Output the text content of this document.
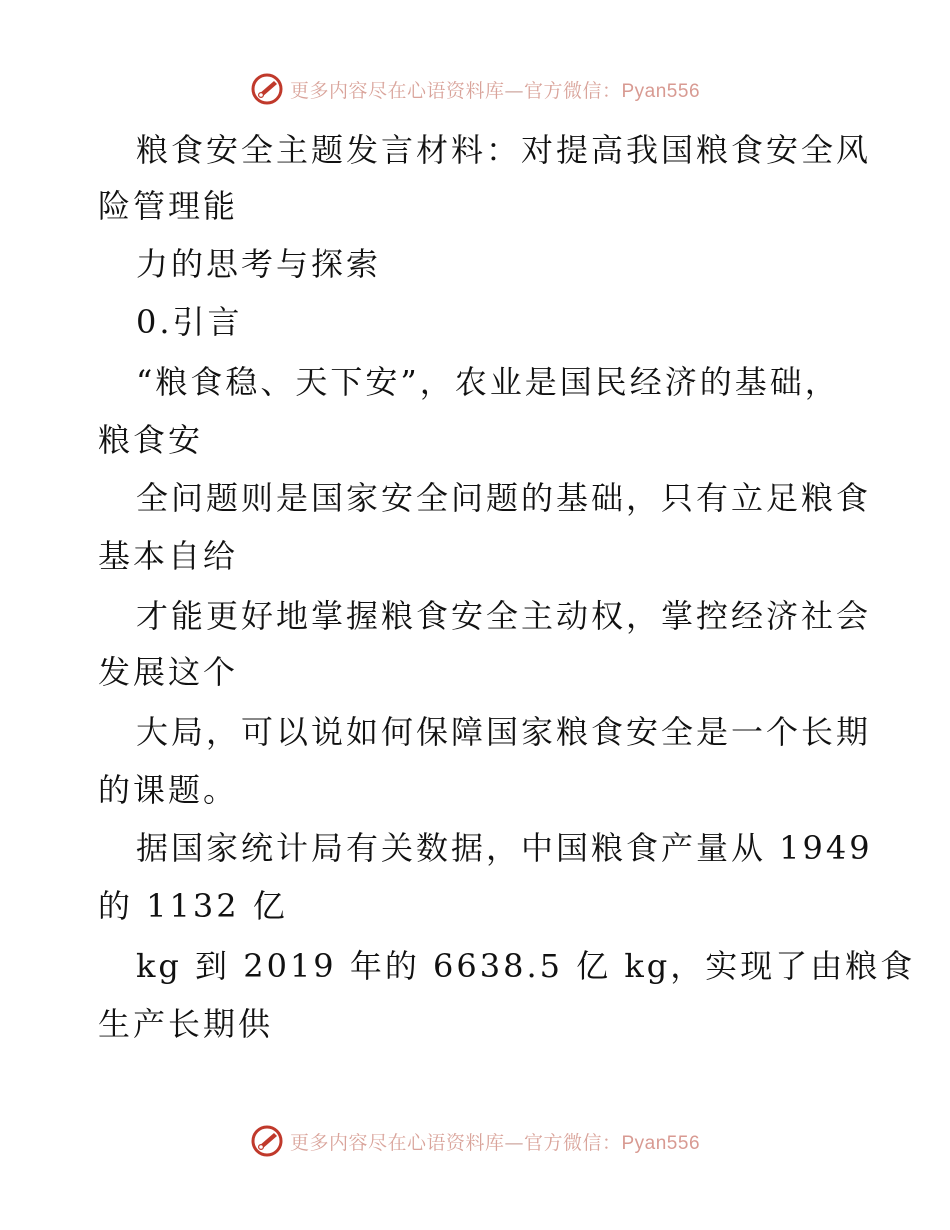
更多内容尽在心语资料库—官方微信：Pyan556
粮食安全主题发言材料：对提高我国粮食安全风
险管理能
力的思考与探索
0.引言
“粮食稳、天下安”，农业是国民经济的基础，
粮食安
全问题则是国家安全问题的基础，只有立足粮食
基本自给
才能更好地掌握粮食安全主动权，掌控经济社会
发展这个
大局，可以说如何保障国家粮食安全是一个长期
的课题。
据国家统计局有关数据，中国粮食产量从 1949
的 1132 亿
kg 到 2019 年的 6638.5 亿 kg，实现了由粮食
生产长期供
更多内容尽在心语资料库—官方微信：Pyan556
